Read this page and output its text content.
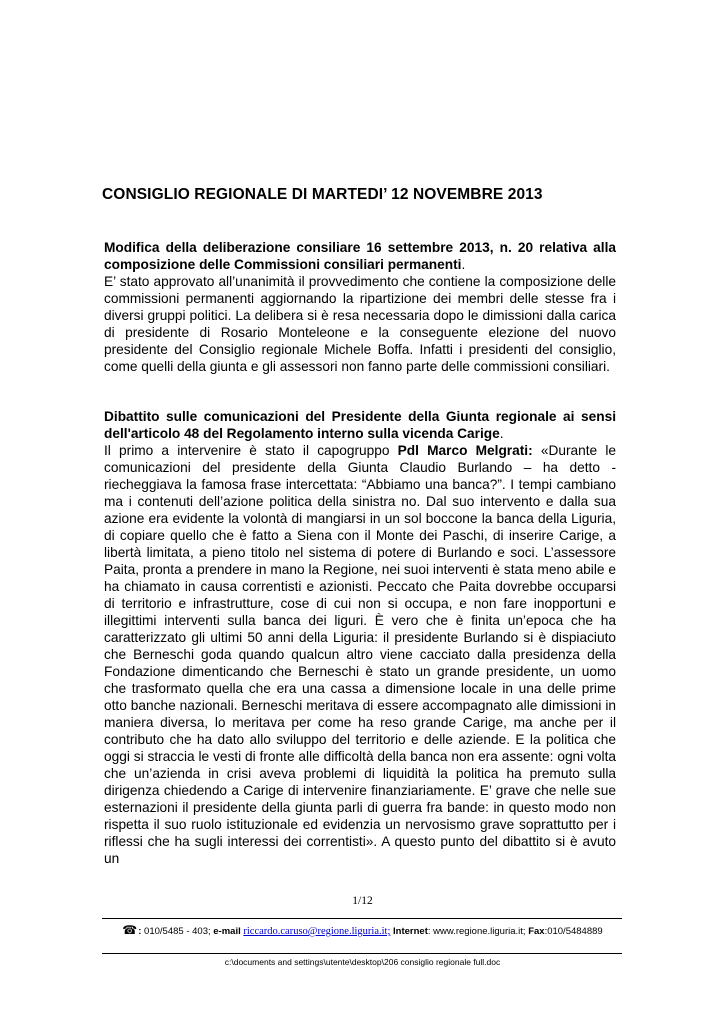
CONSIGLIO REGIONALE DI MARTEDI’ 12 NOVEMBRE 2013

Modifica della deliberazione consiliare 16 settembre 2013, n. 20 relativa alla composizione delle Commissioni consiliari permanenti.
E’ stato approvato all’unanimità il provvedimento che contiene la composizione delle commissioni permanenti aggiornando la ripartizione dei membri delle stesse fra i diversi gruppi politici. La delibera si è resa necessaria dopo le dimissioni dalla carica di presidente di Rosario Monteleone e la conseguente elezione del nuovo presidente del Consiglio regionale Michele Boffa. Infatti i presidenti del consiglio, come quelli della giunta e gli assessori non fanno parte delle commissioni consiliari.

Dibattito sulle comunicazioni del Presidente della Giunta regionale ai sensi dell'articolo 48 del Regolamento interno sulla vicenda Carige.
Il primo a intervenire è stato il capogruppo Pdl Marco Melgrati: «Durante le comunicazioni del presidente della Giunta Claudio Burlando – ha detto - riecheggiava la famosa frase intercettata: “Abbiamo una banca?”. I tempi cambiano ma i contenuti dell’azione politica della sinistra no. Dal suo intervento e dalla sua azione era evidente la volontà di mangiarsi in un sol boccone la banca della Liguria, di copiare quello che è fatto a Siena con il Monte dei Paschi, di inserire Carige, a libertà limitata, a pieno titolo nel sistema di potere di Burlando e soci. L’assessore Paita, pronta a prendere in mano la Regione, nei suoi interventi è stata meno abile e ha chiamato in causa correntisti e azionisti. Peccato che Paita dovrebbe occuparsi di territorio e infrastrutture, cose di cui non si occupa, e non fare inopportuni e illegittimi interventi sulla banca dei liguri. È vero che è finita un’epoca che ha caratterizzato gli ultimi 50 anni della Liguria: il presidente Burlando si è dispiaciuto che Berneschi goda quando qualcun altro viene cacciato dalla presidenza della Fondazione dimenticando che Berneschi è stato un grande presidente, un uomo che trasformato quella che era una cassa a dimensione locale in una delle prime otto banche nazionali. Berneschi meritava di essere accompagnato alle dimissioni in maniera diversa, lo meritava per come ha reso grande Carige, ma anche per il contributo che ha dato allo sviluppo del territorio e delle aziende. E la politica che oggi si straccia le vesti di fronte alle difficoltà della banca non era assente: ogni volta che un’azienda in crisi aveva problemi di liquidità la politica ha premuto sulla dirigenza chiedendo a Carige di intervenire finanziariamente. E’ grave che nelle sue esternazioni il presidente della giunta parli di guerra fra bande: in questo modo non rispetta il suo ruolo istituzionale ed evidenzia un nervosismo grave soprattutto per i riflessi che ha sugli interessi dei correntisti». A questo punto del dibattito si è avuto un

1/12
☎: 010/5485 - 403; e-mail riccardo.caruso@regione.liguria.it; Internet: www.regione.liguria.it; Fax:010/5484889
c:\documents and settings\utente\desktop\206 consiglio regionale full.doc
